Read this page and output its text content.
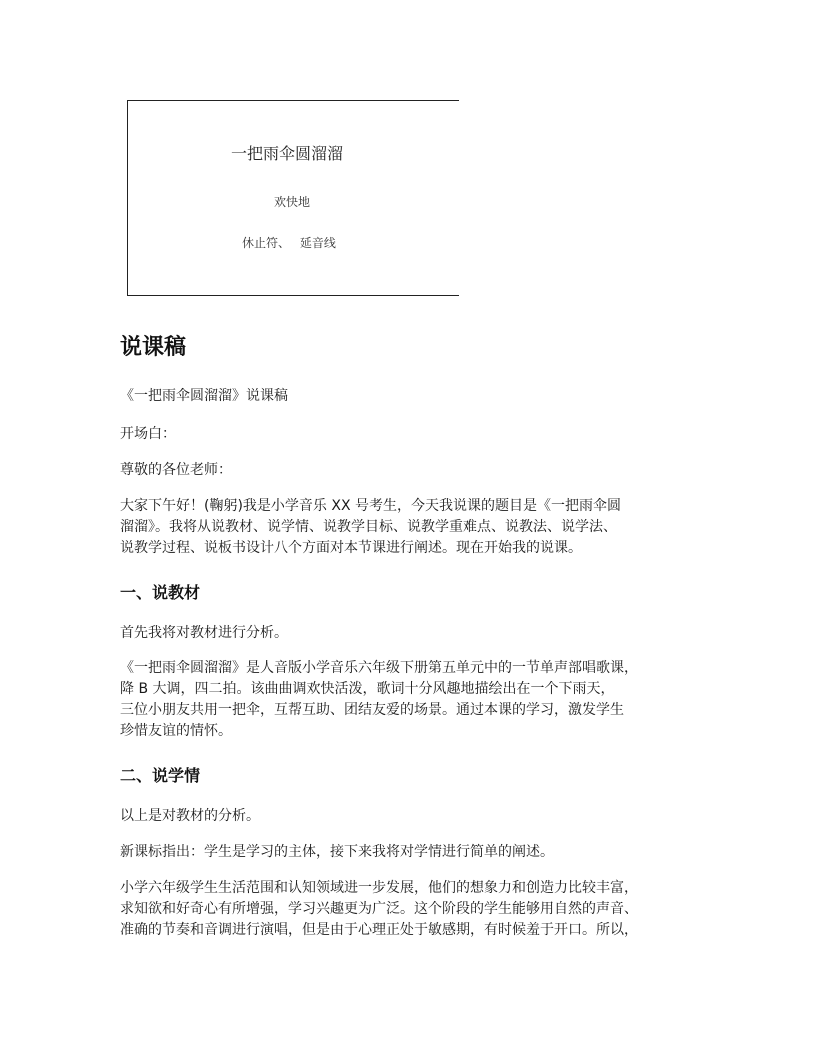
一把雨伞圆溜溜
欢快地
休止符、 延音线
说课稿

《一把雨伞圆溜溜》说课稿

开场白：

尊敬的各位老师：

大家下午好！(鞠躬)我是小学音乐 XX 号考生，今天我说课的题目是《一把雨伞圆

溜溜》。我将从说教材、说学情、说教学目标、说教学重难点、说教法、说学法、

说教学过程、说板书设计八个方面对本节课进行阐述。现在开始我的说课。

一、说教材

首先我将对教材进行分析。

《一把雨伞圆溜溜》是人音版小学音乐六年级下册第五单元中的一节单声部唱歌课，

降 B 大调，四二拍。该曲曲调欢快活泼，歌词十分风趣地描绘出在一个下雨天，

三位小朋友共用一把伞，互帮互助、团结友爱的场景。通过本课的学习，激发学生

珍惜友谊的情怀。

二、说学情

以上是对教材的分析。

新课标指出：学生是学习的主体，接下来我将对学情进行简单的阐述。

小学六年级学生生活范围和认知领域进一步发展，他们的想象力和创造力比较丰富，

求知欲和好奇心有所增强，学习兴趣更为广泛。这个阶段的学生能够用自然的声音、

准确的节奏和音调进行演唱，但是由于心理正处于敏感期，有时候羞于开口。所以，
